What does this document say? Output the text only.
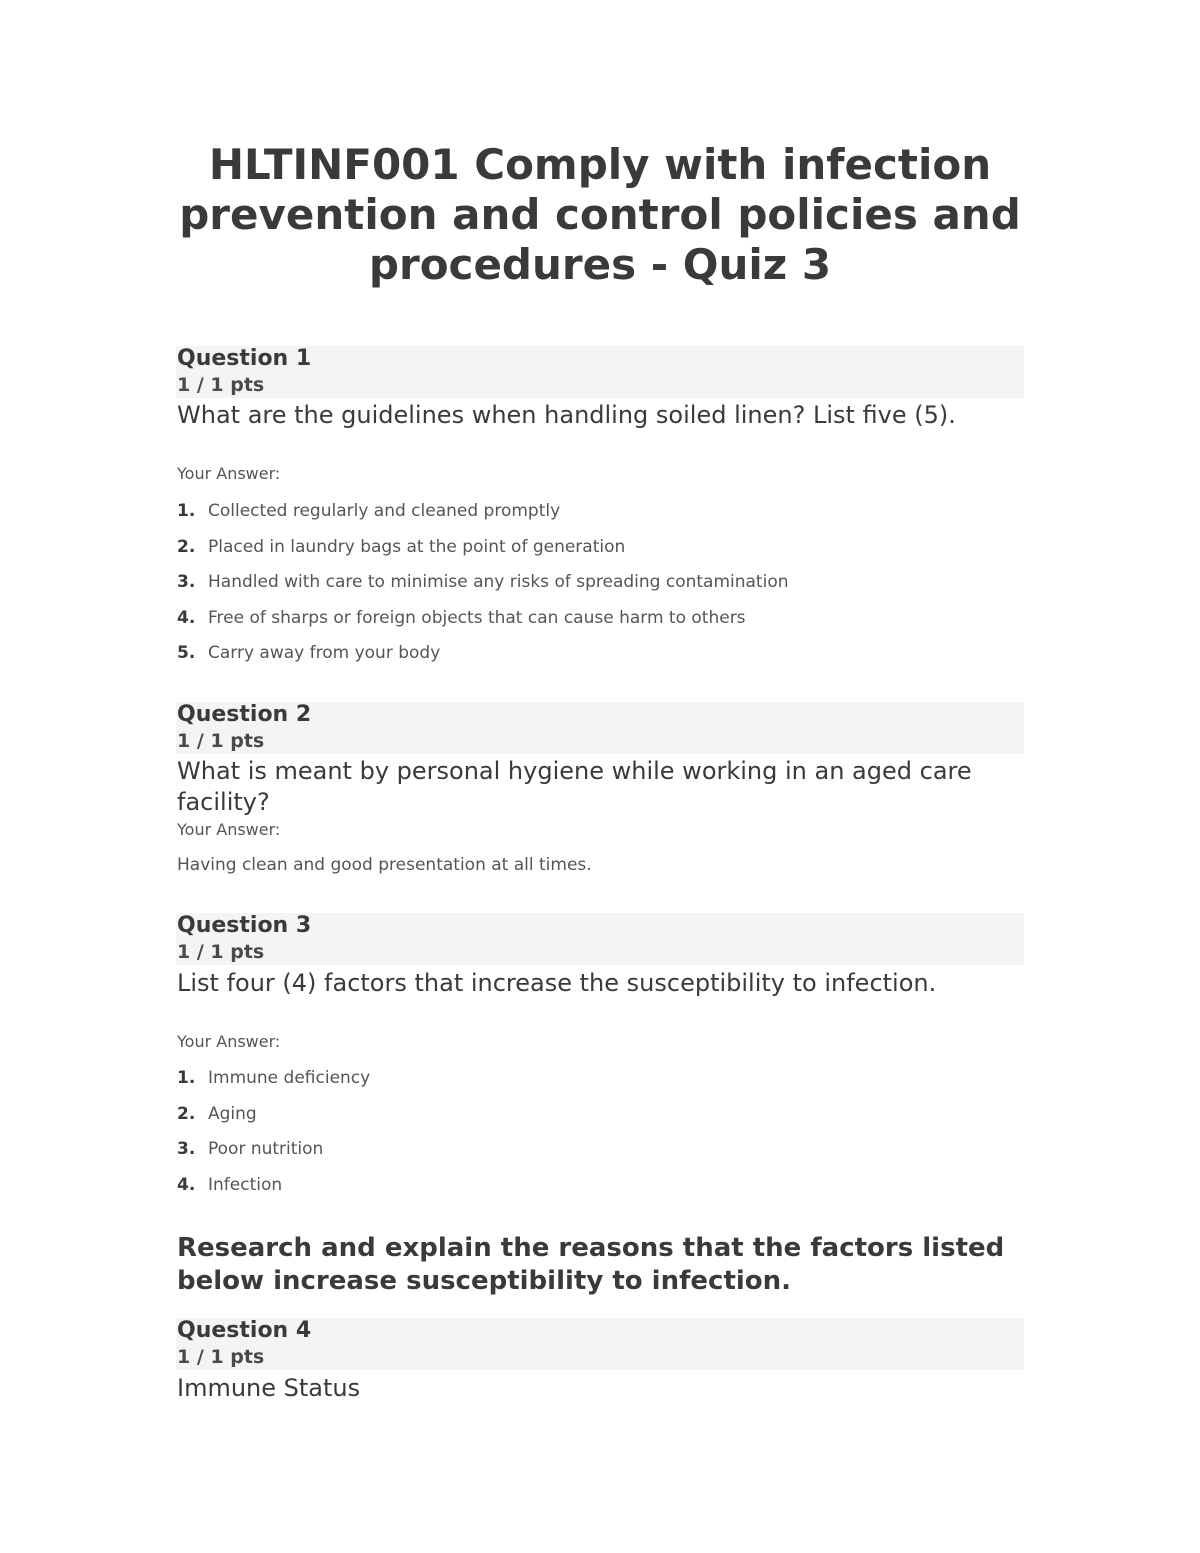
HLTINF001 Comply with infection prevention and control policies and procedures - Quiz 3
Question 1
1 / 1 pts

What are the guidelines when handling soiled linen? List five (5).

Your Answer:
1. Collected regularly and cleaned promptly
2. Placed in laundry bags at the point of generation
3. Handled with care to minimise any risks of spreading contamination
4. Free of sharps or foreign objects that can cause harm to others
5. Carry away from your body
Question 2
1 / 1 pts

What is meant by personal hygiene while working in an aged care facility?

Your Answer:
Having clean and good presentation at all times.
Question 3
1 / 1 pts

List four (4) factors that increase the susceptibility to infection.

Your Answer:
1. Immune deficiency
2. Aging
3. Poor nutrition
4. Infection
Research and explain the reasons that the factors listed below increase susceptibility to infection.
Question 4
1 / 1 pts

Immune Status
